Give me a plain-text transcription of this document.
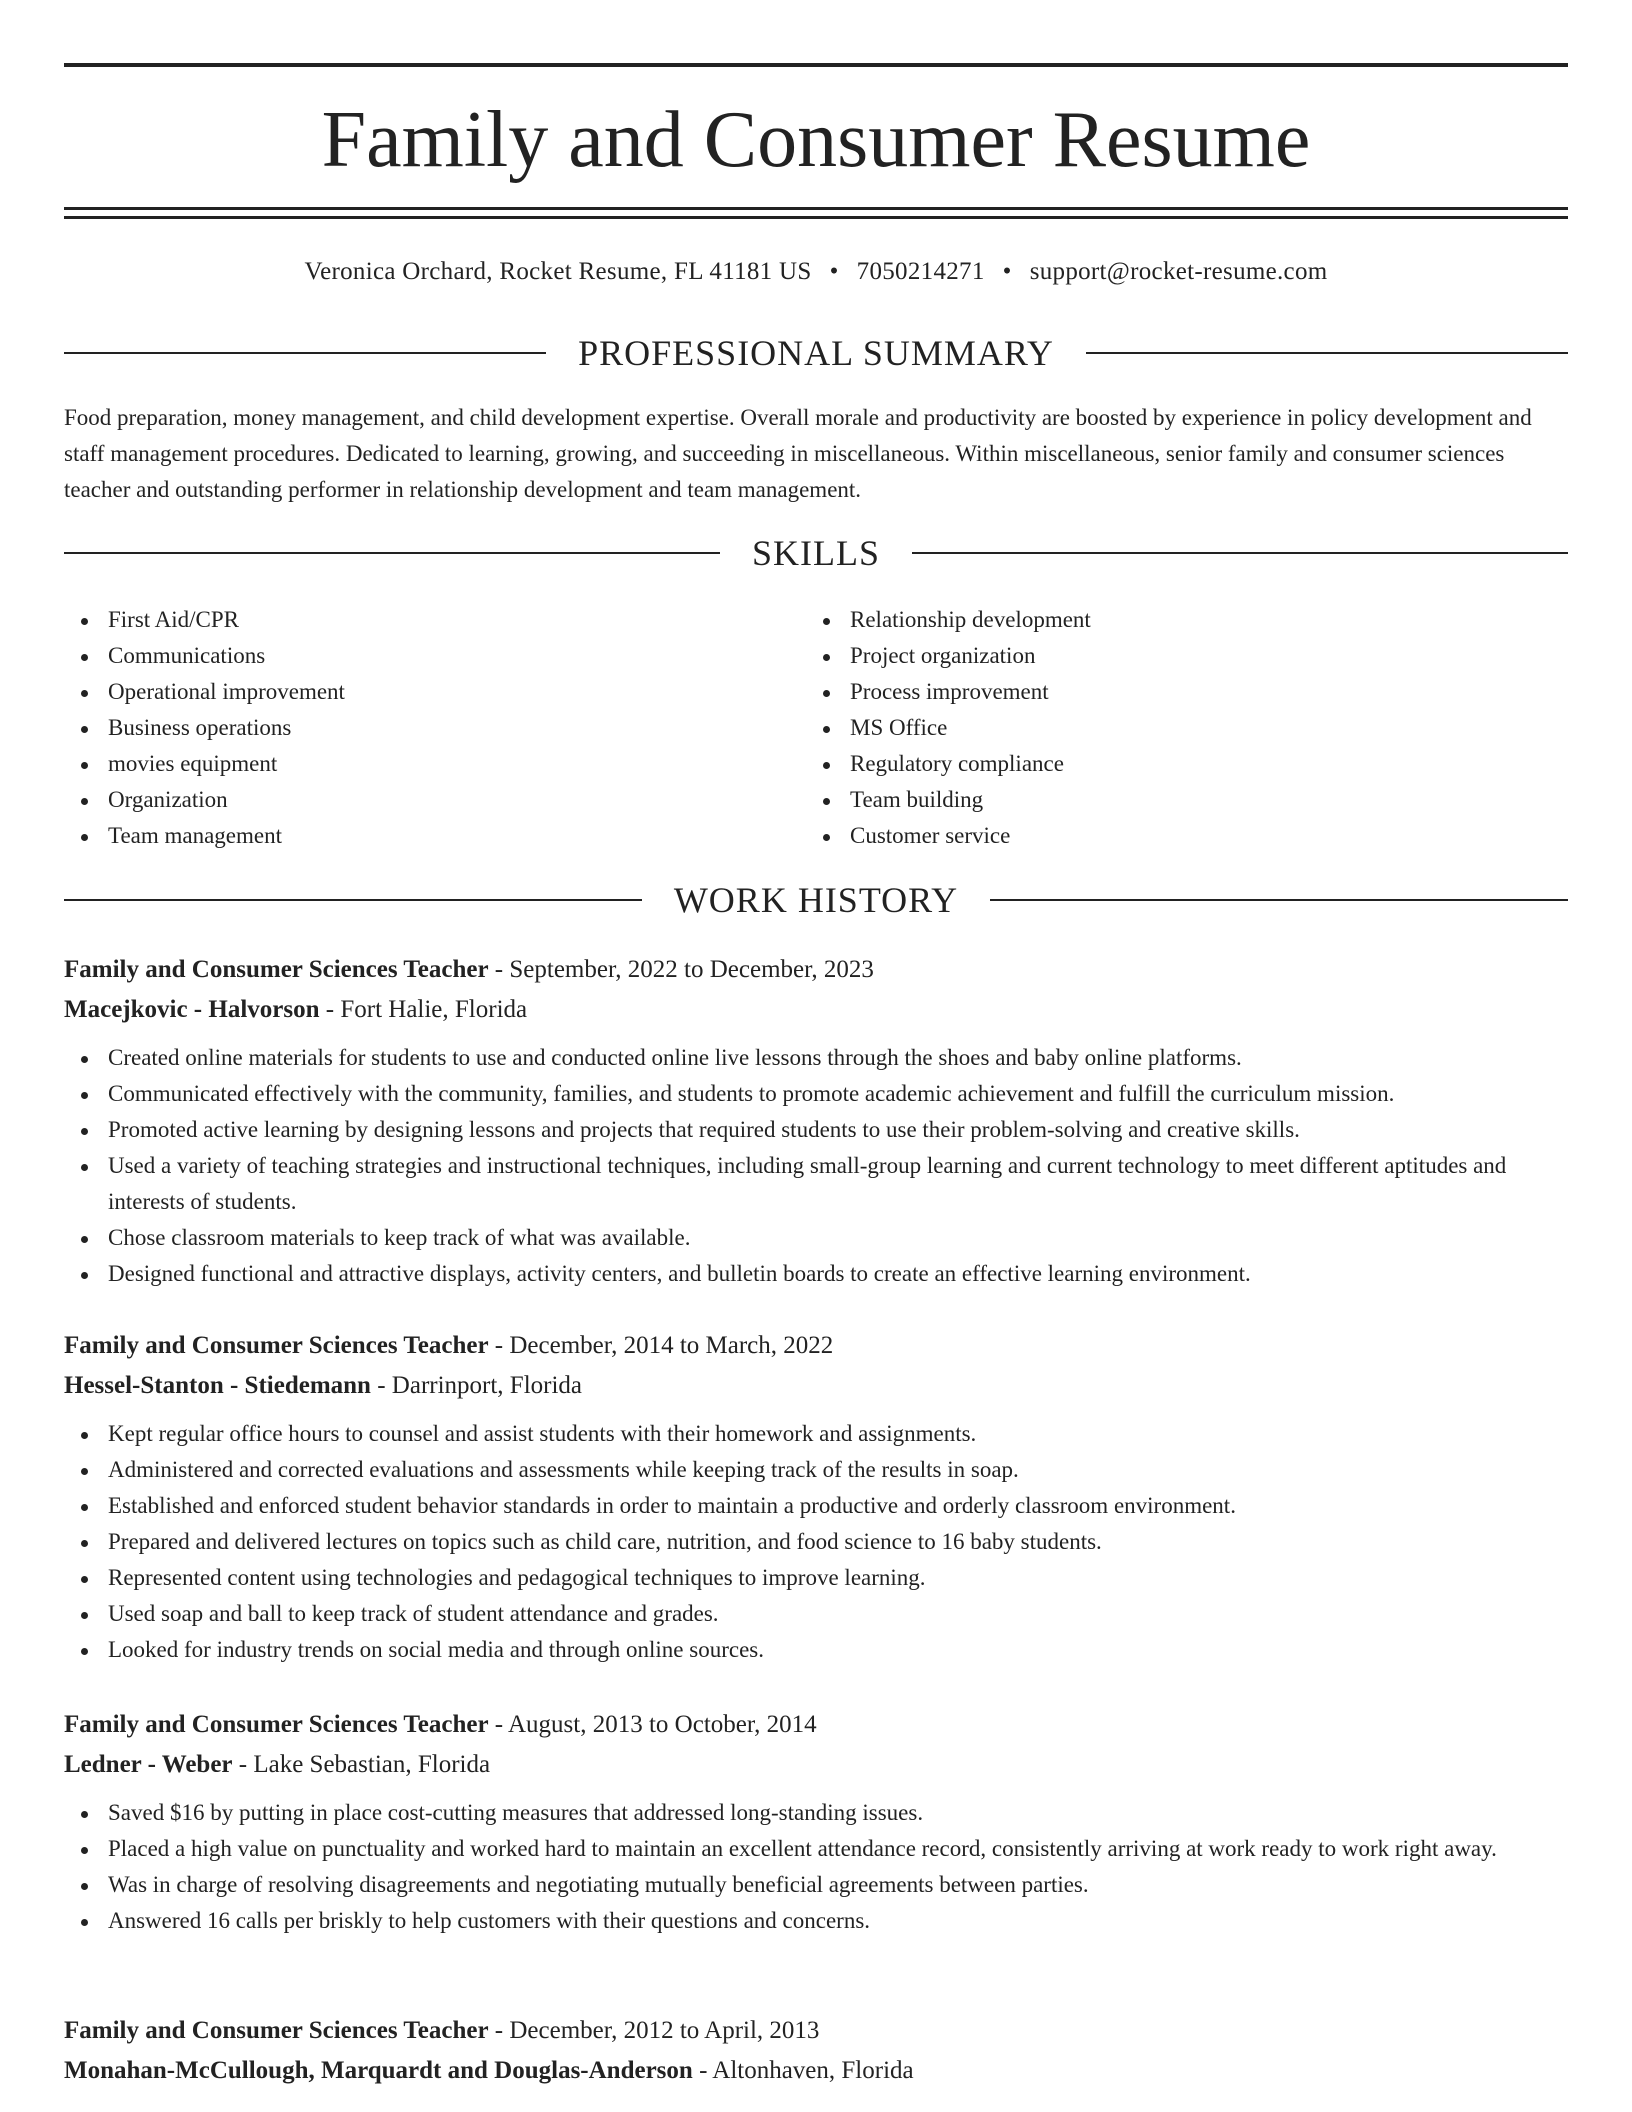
Family and Consumer Resume
Veronica Orchard, Rocket Resume, FL 41181 US • 7050214271 • support@rocket-resume.com
PROFESSIONAL SUMMARY
Food preparation, money management, and child development expertise. Overall morale and productivity are boosted by experience in policy development and staff management procedures. Dedicated to learning, growing, and succeeding in miscellaneous. Within miscellaneous, senior family and consumer sciences teacher and outstanding performer in relationship development and team management.
SKILLS
First Aid/CPR
Communications
Operational improvement
Business operations
movies equipment
Organization
Team management
Relationship development
Project organization
Process improvement
MS Office
Regulatory compliance
Team building
Customer service
WORK HISTORY
Family and Consumer Sciences Teacher - September, 2022 to December, 2023
Macejkovic - Halvorson - Fort Halie, Florida
Created online materials for students to use and conducted online live lessons through the shoes and baby online platforms.
Communicated effectively with the community, families, and students to promote academic achievement and fulfill the curriculum mission.
Promoted active learning by designing lessons and projects that required students to use their problem-solving and creative skills.
Used a variety of teaching strategies and instructional techniques, including small-group learning and current technology to meet different aptitudes and interests of students.
Chose classroom materials to keep track of what was available.
Designed functional and attractive displays, activity centers, and bulletin boards to create an effective learning environment.
Family and Consumer Sciences Teacher - December, 2014 to March, 2022
Hessel-Stanton - Stiedemann - Darrinport, Florida
Kept regular office hours to counsel and assist students with their homework and assignments.
Administered and corrected evaluations and assessments while keeping track of the results in soap.
Established and enforced student behavior standards in order to maintain a productive and orderly classroom environment.
Prepared and delivered lectures on topics such as child care, nutrition, and food science to 16 baby students.
Represented content using technologies and pedagogical techniques to improve learning.
Used soap and ball to keep track of student attendance and grades.
Looked for industry trends on social media and through online sources.
Family and Consumer Sciences Teacher - August, 2013 to October, 2014
Ledner - Weber - Lake Sebastian, Florida
Saved $16 by putting in place cost-cutting measures that addressed long-standing issues.
Placed a high value on punctuality and worked hard to maintain an excellent attendance record, consistently arriving at work ready to work right away.
Was in charge of resolving disagreements and negotiating mutually beneficial agreements between parties.
Answered 16 calls per briskly to help customers with their questions and concerns.
Family and Consumer Sciences Teacher - December, 2012 to April, 2013
Monahan-McCullough, Marquardt and Douglas-Anderson - Altonhaven, Florida
